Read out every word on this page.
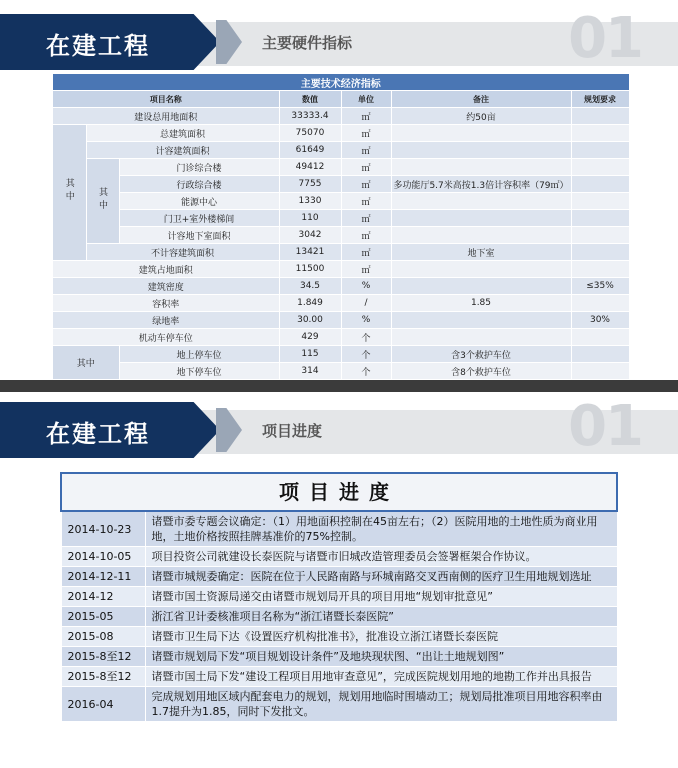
在建工程	主要硬件指标	01
主要技术经济指标						
项目名称			数值	单位	备注	规划要求
建设总用地面积			33333.4	㎡	约50亩	
其中	总建筑面积		75070	㎡		
	计容建筑面积		61649	㎡		
	其中	门诊综合楼	49412	㎡		
		行政综合楼	7755	㎡	多功能厅5.7米高按1.3倍计容积率（79㎡）	
		能源中心	1330	㎡		
		门卫+室外楼梯间	110	㎡		
		计容地下室面积	3042	㎡		
	不计容建筑面积		13421	㎡	地下室	
建筑占地面积			11500	㎡		
建筑密度			34.5	%		≤35%
容积率			1.849	/	1.85	
绿地率			30.00	%		30%
机动车停车位			429	个		
其中		地上停车位	115	个	含3个救护车位	
		地下停车位	314	个	含8个救护车位	
在建工程	项目进度	01
项目进度	
2014-10-23	诸暨市委专题会议确定：（1）用地面积控制在45亩左右；（2）医院用地的土地性质为商业用地，土地价格按照挂牌基准价的75%控制。
2014-10-05	项目投资公司就建设长泰医院与诸暨市旧城改造管理委员会签署框架合作协议。
2014-12-11	诸暨市城规委确定：医院在位于人民路南路与环城南路交叉西南侧的医疗卫生用地规划选址
2014-12	诸暨市国土资源局递交由诸暨市规划局开具的项目用地“规划审批意见”
2015-05	浙江省卫计委核准项目名称为“浙江诸暨长泰医院”
2015-08	诸暨市卫生局下达《设置医疗机构批准书》，批准设立浙江诸暨长泰医院
2015-8至12	诸暨市规划局下发“项目规划设计条件”及地块现状图、“出让土地规划图”
2015-8至12	诸暨市国土局下发“建设工程项目用地审查意见”，完成医院规划用地的地勘工作并出具报告
2016-04	完成规划用地区域内配套电力的规划，规划用地临时围墙动工；规划局批准项目用地容积率由1.7提升为1.85，同时下发批文。
